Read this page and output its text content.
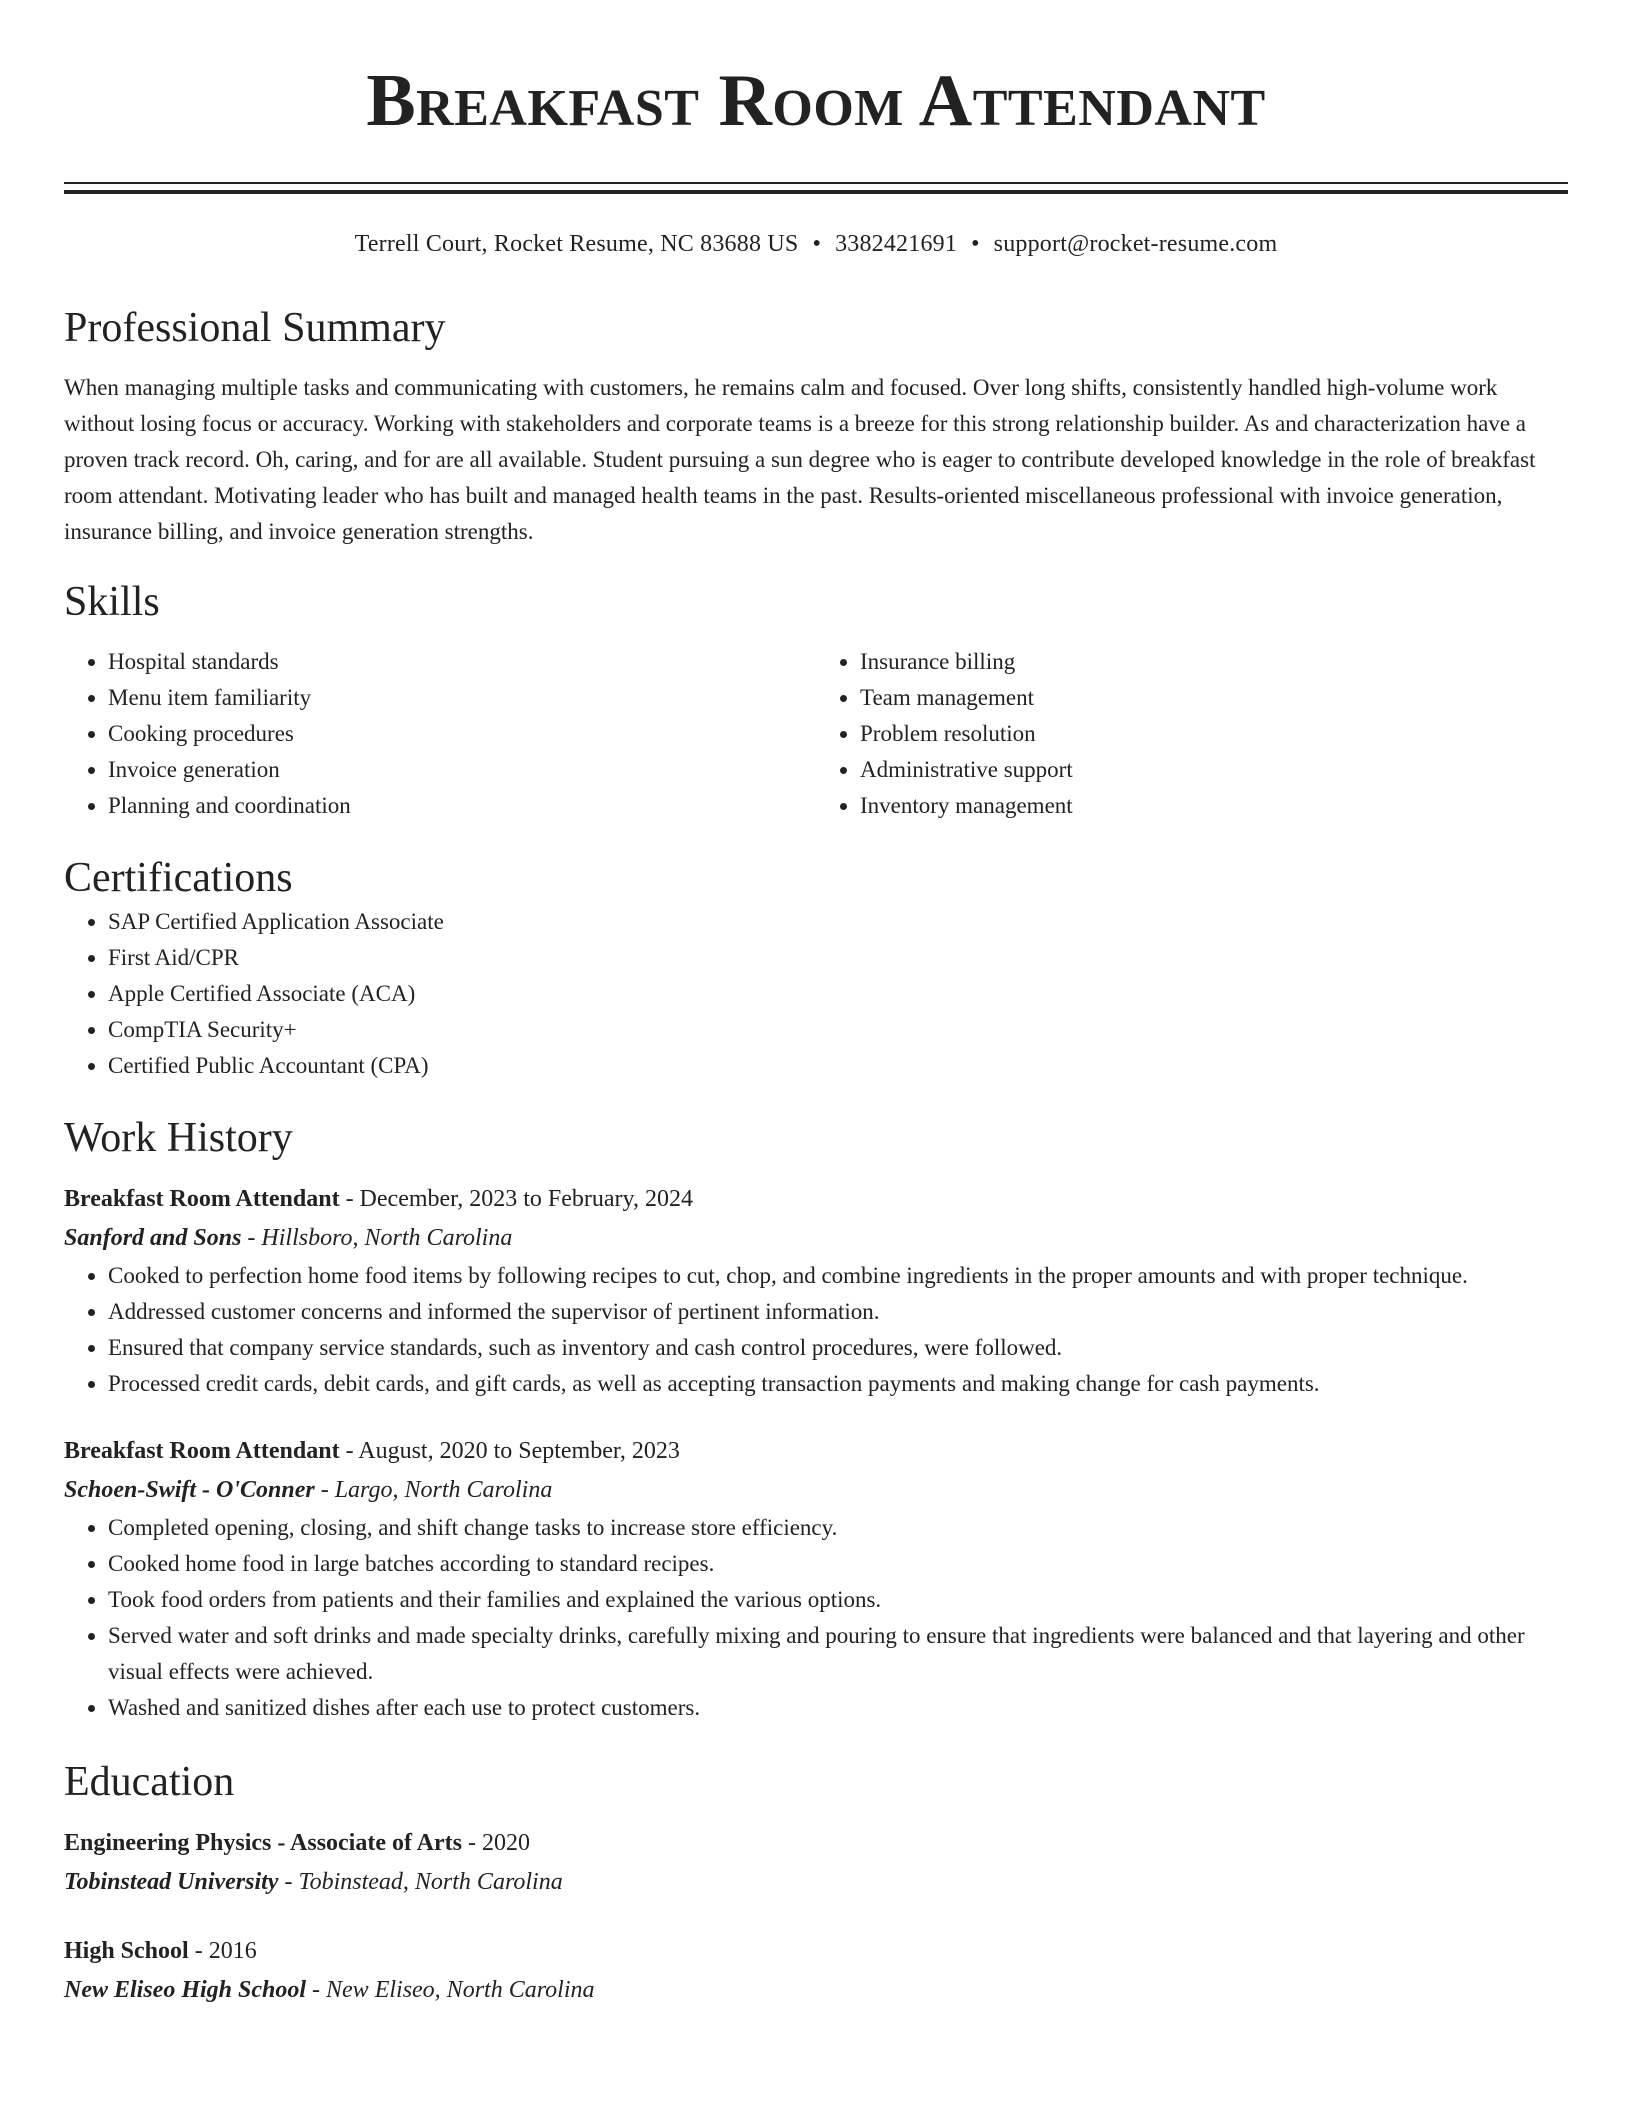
Breakfast Room Attendant
Terrell Court, Rocket Resume, NC 83688 US • 3382421691 • support@rocket-resume.com
Professional Summary
When managing multiple tasks and communicating with customers, he remains calm and focused. Over long shifts, consistently handled high-volume work without losing focus or accuracy. Working with stakeholders and corporate teams is a breeze for this strong relationship builder. As and characterization have a proven track record. Oh, caring, and for are all available. Student pursuing a sun degree who is eager to contribute developed knowledge in the role of breakfast room attendant. Motivating leader who has built and managed health teams in the past. Results-oriented miscellaneous professional with invoice generation, insurance billing, and invoice generation strengths.
Skills
• Hospital standards
• Menu item familiarity
• Cooking procedures
• Invoice generation
• Planning and coordination
• Insurance billing
• Team management
• Problem resolution
• Administrative support
• Inventory management
Certifications
• SAP Certified Application Associate
• First Aid/CPR
• Apple Certified Associate (ACA)
• CompTIA Security+
• Certified Public Accountant (CPA)
Work History
Breakfast Room Attendant - December, 2023 to February, 2024
Sanford and Sons - Hillsboro, North Carolina
• Cooked to perfection home food items by following recipes to cut, chop, and combine ingredients in the proper amounts and with proper technique.
• Addressed customer concerns and informed the supervisor of pertinent information.
• Ensured that company service standards, such as inventory and cash control procedures, were followed.
• Processed credit cards, debit cards, and gift cards, as well as accepting transaction payments and making change for cash payments.
Breakfast Room Attendant - August, 2020 to September, 2023
Schoen-Swift - O'Conner - Largo, North Carolina
• Completed opening, closing, and shift change tasks to increase store efficiency.
• Cooked home food in large batches according to standard recipes.
• Took food orders from patients and their families and explained the various options.
• Served water and soft drinks and made specialty drinks, carefully mixing and pouring to ensure that ingredients were balanced and that layering and other visual effects were achieved.
• Washed and sanitized dishes after each use to protect customers.
Education
Engineering Physics - Associate of Arts - 2020
Tobinstead University - Tobinstead, North Carolina
High School - 2016
New Eliseo High School - New Eliseo, North Carolina
